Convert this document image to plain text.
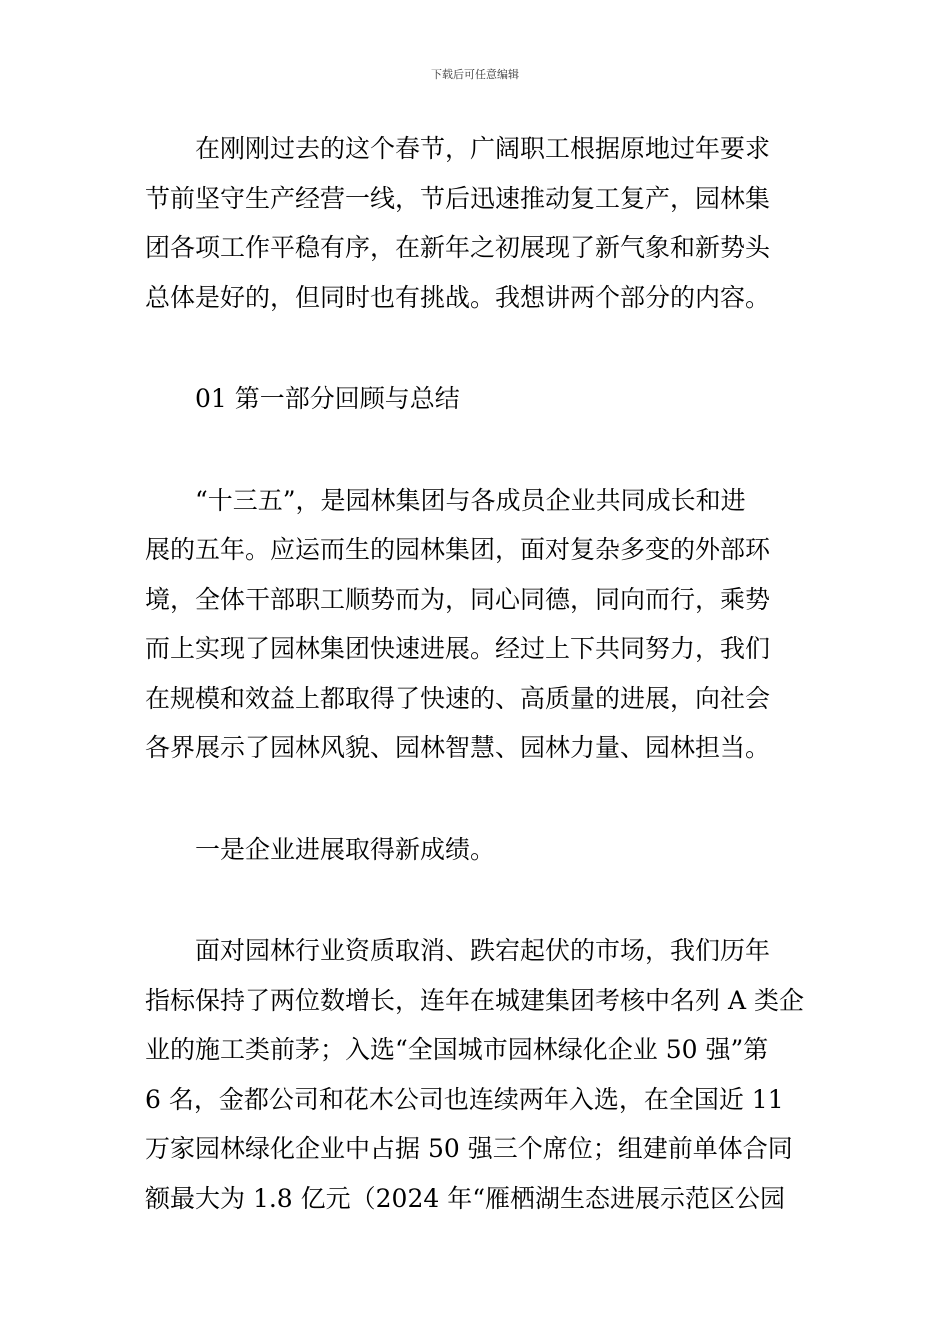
下载后可任意编辑
在刚刚过去的这个春节，广阔职工根据原地过年要求
节前坚守生产经营一线，节后迅速推动复工复产，园林集
团各项工作平稳有序，在新年之初展现了新气象和新势头
总体是好的，但同时也有挑战。我想讲两个部分的内容。
01 第一部分回顾与总结
“十三五”，是园林集团与各成员企业共同成长和进
展的五年。应运而生的园林集团，面对复杂多变的外部环
境，全体干部职工顺势而为，同心同德，同向而行，乘势
而上实现了园林集团快速进展。经过上下共同努力，我们
在规模和效益上都取得了快速的、高质量的进展，向社会
各界展示了园林风貌、园林智慧、园林力量、园林担当。
一是企业进展取得新成绩。
面对园林行业资质取消、跌宕起伏的市场，我们历年
指标保持了两位数增长，连年在城建集团考核中名列 A 类企
业的施工类前茅；入选“全国城市园林绿化企业 50 强”第
6 名，金都公司和花木公司也连续两年入选，在全国近 11
万家园林绿化企业中占据 50 强三个席位；组建前单体合同
额最大为 1.8 亿元（2024 年“雁栖湖生态进展示范区公园
